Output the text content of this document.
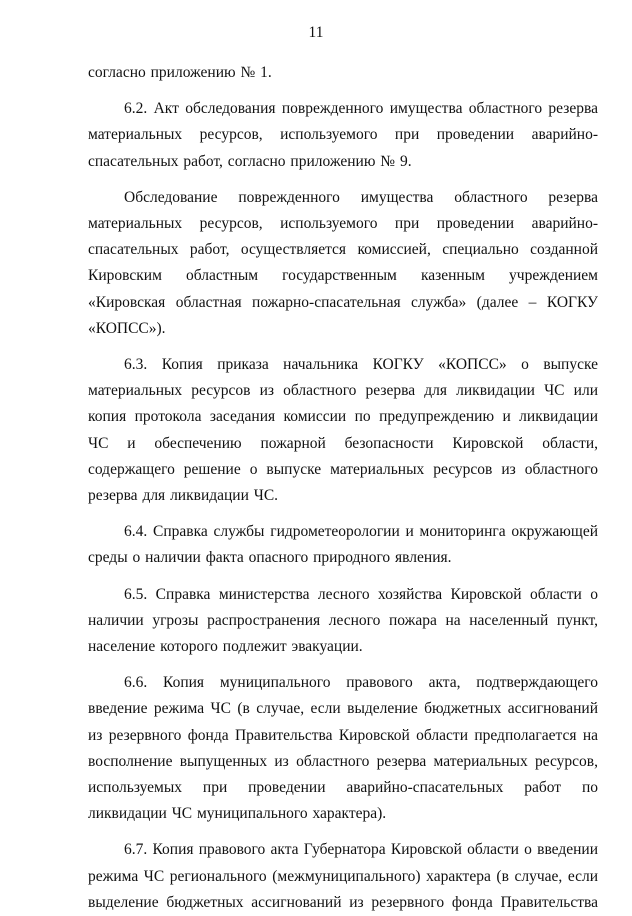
11

согласно приложению № 1.

6.2. Акт обследования поврежденного имущества областного резерва материальных ресурсов, используемого при проведении аварийно-спасательных работ, согласно приложению № 9.

Обследование поврежденного имущества областного резерва материальных ресурсов, используемого при проведении аварийно-спасательных работ, осуществляется комиссией, специально созданной Кировским областным государственным казенным учреждением «Кировская областная пожарно-спасательная служба» (далее – КОГКУ «КОПСС»).

6.3. Копия приказа начальника КОГКУ «КОПСС» о выпуске материальных ресурсов из областного резерва для ликвидации ЧС или копия протокола заседания комиссии по предупреждению и ликвидации ЧС и обеспечению пожарной безопасности Кировской области, содержащего решение о выпуске материальных ресурсов из областного резерва для ликвидации ЧС.

6.4. Справка службы гидрометеорологии и мониторинга окружающей среды о наличии факта опасного природного явления.

6.5. Справка министерства лесного хозяйства Кировской области о наличии угрозы распространения лесного пожара на населенный пункт, население которого подлежит эвакуации.

6.6. Копия муниципального правового акта, подтверждающего введение режима ЧС (в случае, если выделение бюджетных ассигнований из резервного фонда Правительства Кировской области предполагается на восполнение выпущенных из областного резерва материальных ресурсов, используемых при проведении аварийно-спасательных работ по ликвидации ЧС муниципального характера).

6.7. Копия правового акта Губернатора Кировской области о введении режима ЧС регионального (межмуниципального) характера (в случае, если выделение бюджетных ассигнований из резервного фонда Правительства
